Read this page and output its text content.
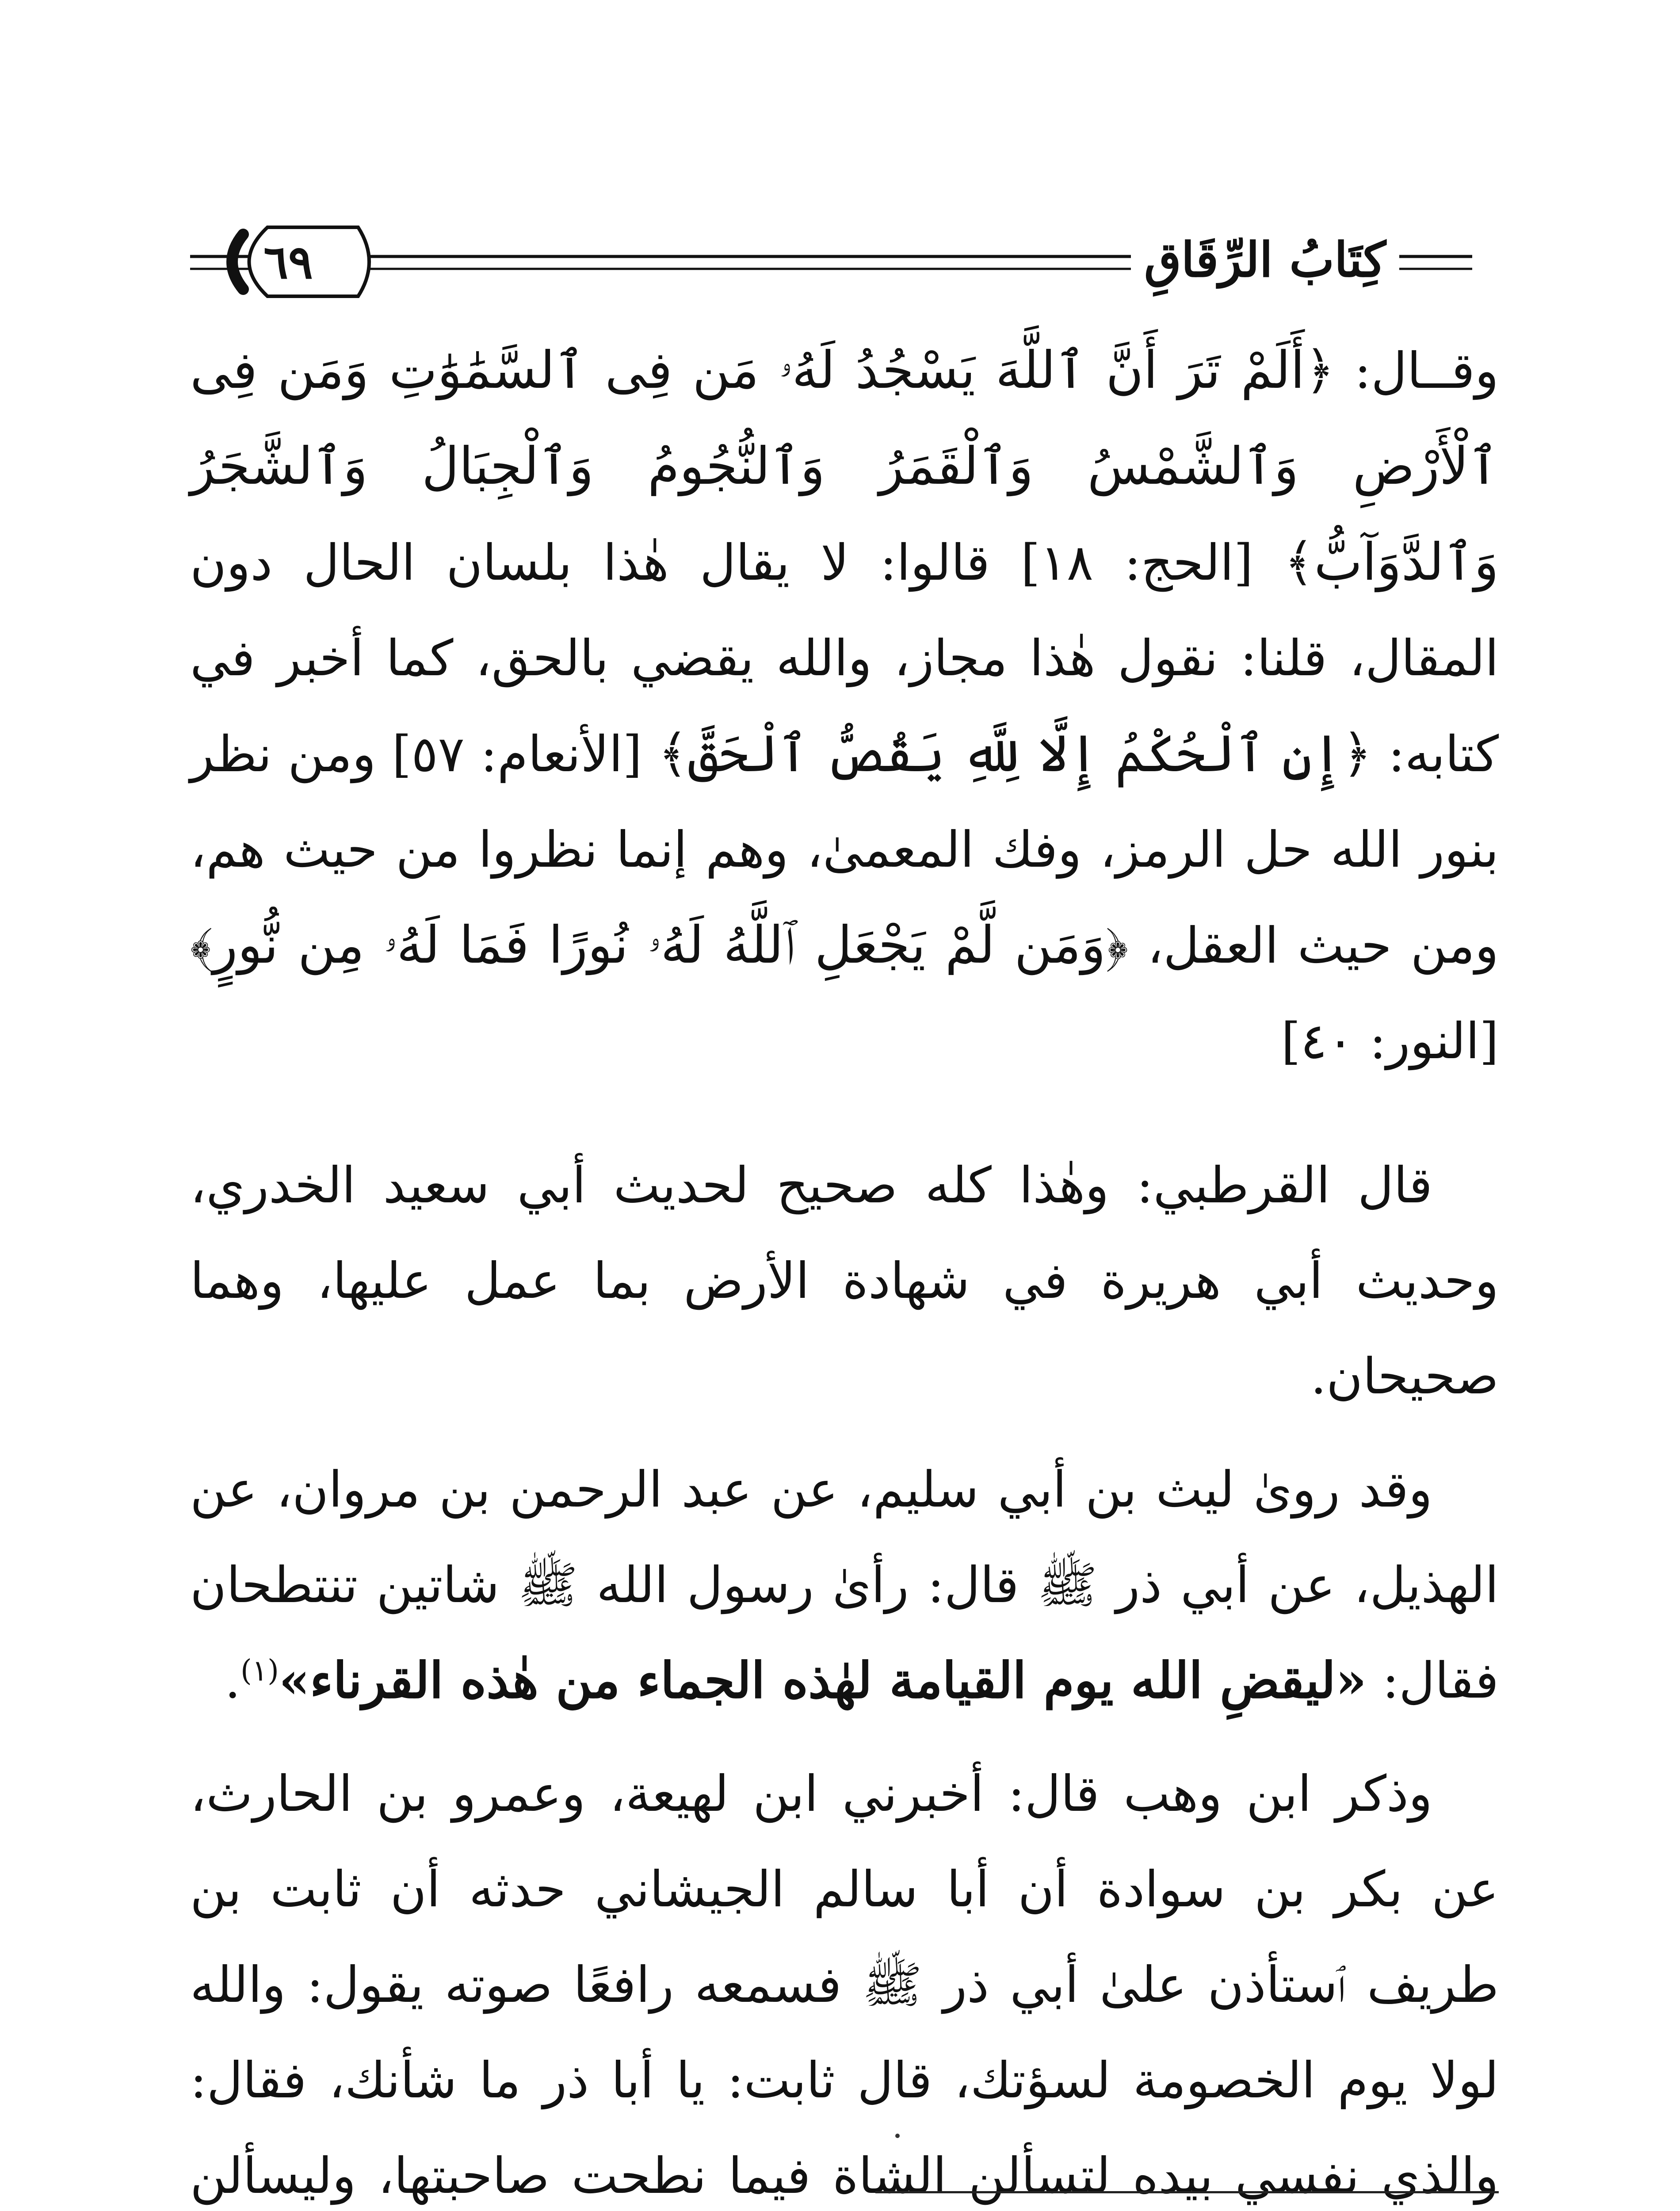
٦٩	كِتَابُ الرِّقَاقِ

وقــال: ﴿أَلَمْ تَرَ أَنَّ ٱللَّهَ يَسْجُدُ لَهُۥ مَن فِى ٱلسَّمَٰوَٰتِ وَمَن فِى ٱلْأَرْضِ وَٱلشَّمْسُ وَٱلْقَمَرُ وَٱلنُّجُومُ وَٱلْجِبَالُ وَٱلشَّجَرُ وَٱلدَّوَآبُّ﴾ [الحج: ١٨] قالوا: لا يقال هٰذا بلسان الحال دون المقال، قلنا: نقول هٰذا مجاز، والله يقضي بالحق، كما أخبر في كتابه: ﴿إِنِ ٱلْحُكْمُ إِلَّا لِلَّهِ يَقُصُّ ٱلْحَقَّ﴾ [الأنعام: ٥٧] ومن نظر بنور الله حل الرمز، وفك المعمىٰ، وهم إنما نظروا من حيث هم، ومن حيث العقل، ﴿وَمَن لَّمْ يَجْعَلِ ٱللَّهُ لَهُۥ نُورًا فَمَا لَهُۥ مِن نُّورٍ﴾[النور: ٤٠]

قال القرطبي: وهٰذا كله صحيح لحديث أبي سعيد الخدري، وحديث أبي هريرة في شهادة الأرض بما عمل عليها، وهما صحيحان.

وقد روىٰ ليث بن أبي سليم، عن عبد الرحمن بن مروان، عن الهذيل، عن أبي ذر ﷺ قال: رأىٰ رسول الله ﷺ شاتين تنتطحان فقال: «ليقضِ الله يوم القيامة لهٰذه الجماء من هٰذه القرناء»$^{(١)}$.

وذكر ابن وهب قال: أخبرني ابن لهيعة، وعمرو بن الحارث، عن بكر بن سوادة أن أبا سالم الجيشاني حدثه أن ثابت بن طريف ٱستأذن علىٰ أبي ذر ﷺ فسمعه رافعًا صوته يقول: والله لولا يوم الخصومة لسؤتك، قال ثابت: يا أبا ذر ما شأنك، فقال: والذي نفسي بيده لتسألن الشاة فيما نطحت صاحبتها، وليسألن
